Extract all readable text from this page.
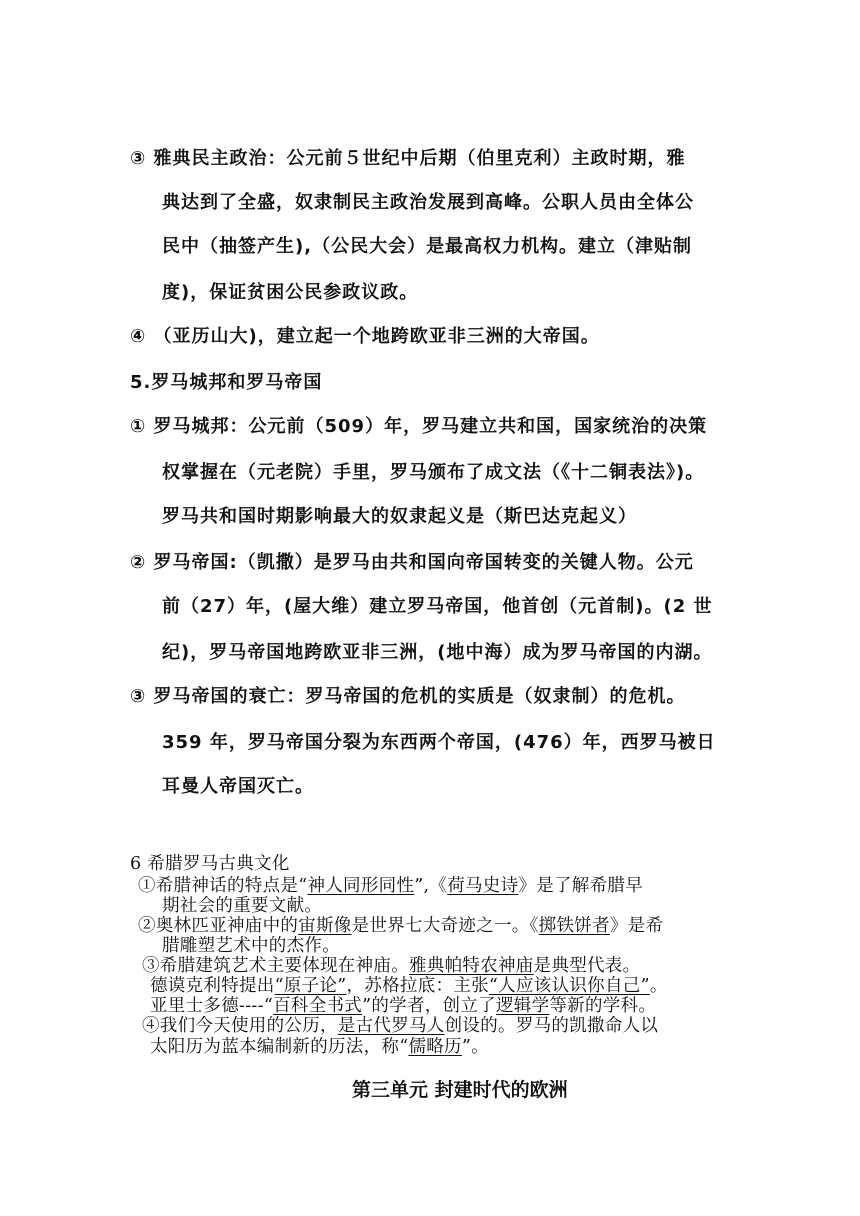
③ 雅典民主政治：公元前５世纪中后期（伯里克利）主政时期，雅
典达到了全盛，奴隶制民主政治发展到高峰。公职人员由全体公
民中（抽签产生),（公民大会）是最高权力机构。建立（津贴制
度)，保证贫困公民参政议政。
④ （亚历山大)，建立起一个地跨欧亚非三洲的大帝国。
5.罗马城邦和罗马帝国
① 罗马城邦：公元前（509）年，罗马建立共和国，国家统治的决策
权掌握在（元老院）手里，罗马颁布了成文法（《十二铜表法》)。
罗马共和国时期影响最大的奴隶起义是（斯巴达克起义）
② 罗马帝国:（凯撒）是罗马由共和国向帝国转变的关键人物。公元
前（27）年，(屋大维）建立罗马帝国，他首创（元首制)。(2 世
纪)，罗马帝国地跨欧亚非三洲，(地中海）成为罗马帝国的内湖。
③ 罗马帝国的衰亡：罗马帝国的危机的实质是（奴隶制）的危机。
359 年，罗马帝国分裂为东西两个帝国，(476）年，西罗马被日
耳曼人帝国灭亡。
6 希腊罗马古典文化
①希腊神话的特点是“神人同形同性”,《荷马史诗》是了解希腊早
期社会的重要文献。
②奥林匹亚神庙中的宙斯像是世界七大奇迹之一。《掷铁饼者》是希
腊雕塑艺术中的杰作。
③希腊建筑艺术主要体现在神庙。雅典帕特农神庙是典型代表。
德谟克利特提出“原子论”，苏格拉底：主张“人应该认识你自己”。
亚里士多德----“百科全书式”的学者，创立了逻辑学等新的学科。
④我们今天使用的公历，是古代罗马人创设的。罗马的凯撒命人以
太阳历为蓝本编制新的历法，称“儒略历”。
第三单元 封建时代的欧洲
